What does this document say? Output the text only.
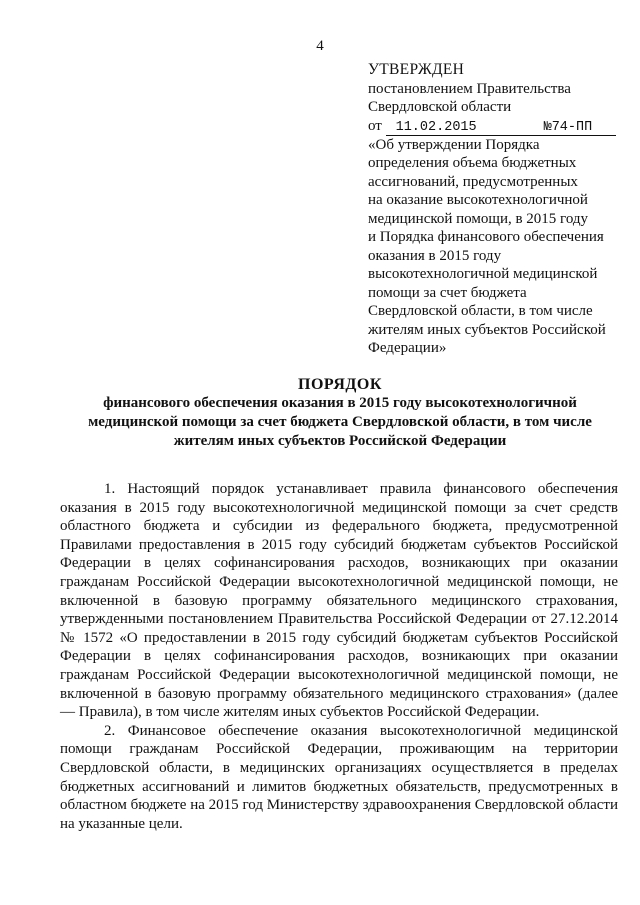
4
УТВЕРЖДЕН
постановлением Правительства
Свердловской области
от 11.02.2015	№74-ПП
«Об утверждении Порядка
определения объема бюджетных
ассигнований, предусмотренных
на оказание высокотехнологичной
медицинской помощи, в 2015 году
и Порядка финансового обеспечения
оказания в 2015 году
высокотехнологичной медицинской
помощи за счет бюджета
Свердловской области, в том числе
жителям иных субъектов Российской
Федерации»
ПОРЯДОК
финансового обеспечения оказания в 2015 году высокотехнологичной
медицинской помощи за счет бюджета Свердловской области, в том числе
жителям иных субъектов Российской Федерации

1. Настоящий порядок устанавливает правила финансового обеспечения оказания в 2015 году высокотехнологичной медицинской помощи за счет средств областного бюджета и субсидии из федерального бюджета, предусмотренной Правилами предоставления в 2015 году субсидий бюджетам субъектов Российской Федерации в целях софинансирования расходов, возникающих при оказании гражданам Российской Федерации высокотехнологичной медицинской помощи, не включенной в базовую программу обязательного медицинского страхования, утвержденными постановлением Правительства Российской Федерации от 27.12.2014 № 1572 «О предоставлении в 2015 году субсидий бюджетам субъектов Российской Федерации в целях софинансирования расходов, возникающих при оказании гражданам Российской Федерации высокотехнологичной медицинской помощи, не включенной в базовую программу обязательного медицинского страхования» (далее — Правила), в том числе жителям иных субъектов Российской Федерации.

2. Финансовое обеспечение оказания высокотехнологичной медицинской помощи гражданам Российской Федерации, проживающим на территории Свердловской области, в медицинских организациях осуществляется в пределах бюджетных ассигнований и лимитов бюджетных обязательств, предусмотренных в областном бюджете на 2015 год Министерству здравоохранения Свердловской области на указанные цели.
